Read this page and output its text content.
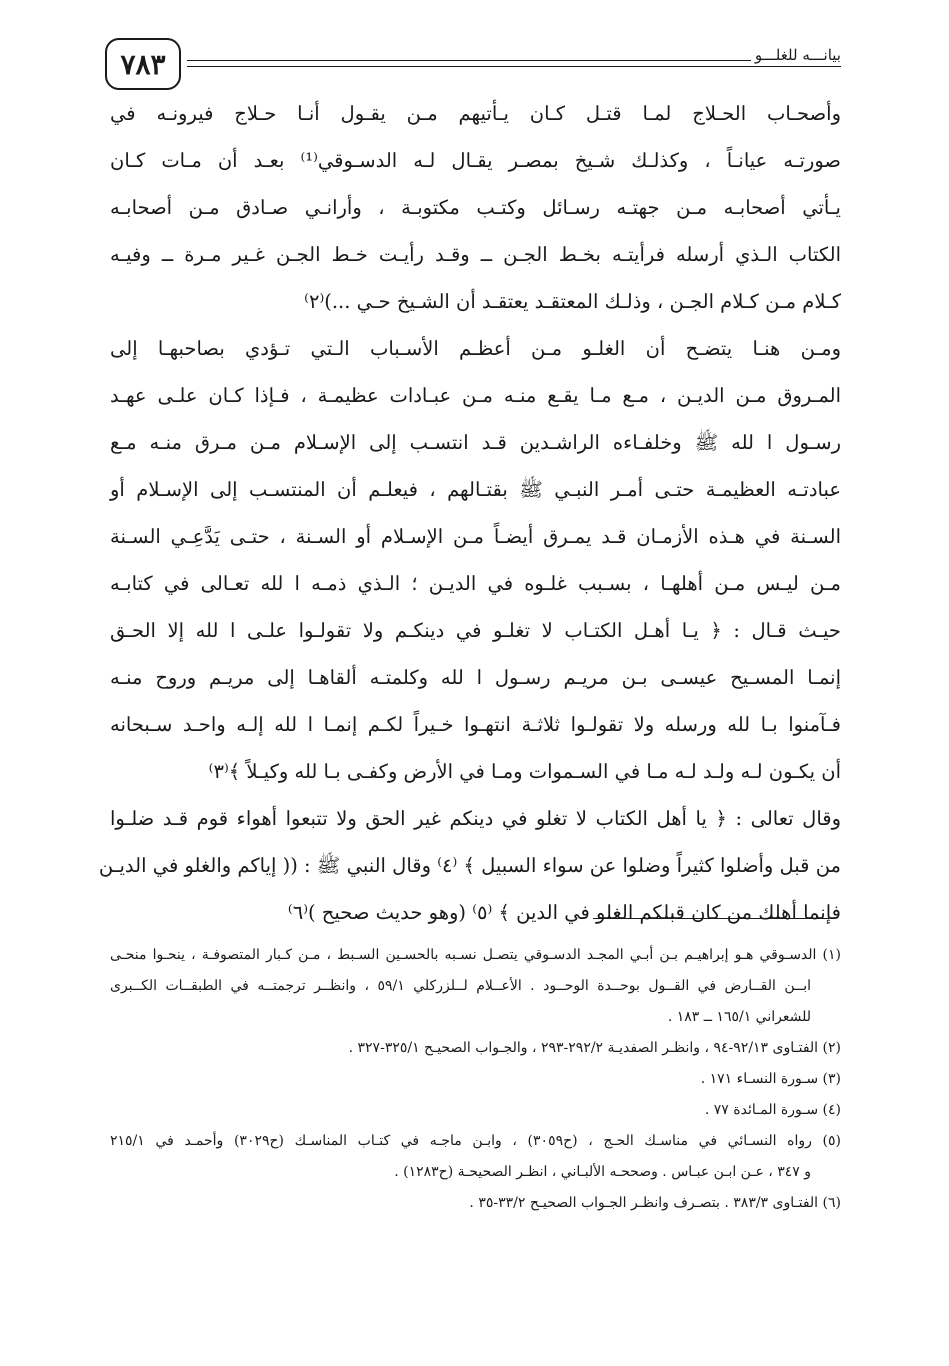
بيانـــه للغلـــو
٧٨٣
وأصحـاب الحـلاج لمـا قتـل كـان يـأتيهم مـن يقـول أنـا حـلاج فيرونـه في
صورتـه عيانـاً ، وكذلـك شـيخ بمصـر يقـال لـه الدسـوقي⁽¹⁾ بعـد أن مـات كـان
يـأتي أصحابـه مـن جهتـه رسـائل وكتـب مكتوبـة ، وأرانـي صـادق مـن أصحابـه
الكتاب الـذي أرسله فرأيتـه بخـط الجـن ــ وقـد رأيـت خـط الجـن غـير مـرة ــ وفيـه
كـلام مـن كـلام الجـن ، وذلـك المعتقـد يعتقـد أن الشـيخ حـي ...)⁽٢⁾
ومـن هنـا يتضـح أن الغلـو مـن أعظـم الأسـباب الـتي تـؤدي بصاحبهـا إلى
المـروق مـن الديـن ، مـع مـا يقـع منـه مـن عبـادات عظيمـة ، فـإذا كـان علـى عهـد
رسـول ا لله ﷺ وخلفـاءه الراشـدين قـد انتسـب إلى الإسـلام مـن مـرق منـه مـع
عبادتـه العظيمـة حتـى أمـر النبـي ﷺ بقتـالهم ، فيعلـم أن المنتسـب إلى الإسـلام أو
السـنة في هـذه الأزمـان قـد يمـرق أيضـاً مـن الإسـلام أو السـنة ، حتـى يَدَّعِـي السـنة
مـن ليـس مـن أهلهـا ، بسـبب غلـوه في الديـن ؛ الـذي ذمـه ا لله تعـالى في كتابـه
حيـث قـال : ﴿ يـا أهـل الكتـاب لا تغلـو في دينكـم ولا تقولـوا علـى ا لله إلا الحـق
إنمـا المسـيح عيسـى بـن مريـم رسـول ا لله وكلمتـه ألقاهـا إلى مريـم وروح منـه
فـآمنوا بـا لله ورسله ولا تقولـوا ثلاثـة انتهـوا خـيراً لكـم إنمـا ا لله إلـه واحـد سـبحانه
أن يكـون لـه ولـد لـه مـا في السـموات ومـا في الأرض وكفـى بـا لله وكيـلاً ﴾⁽٣⁾
وقال تعالى : ﴿ يا أهل الكتاب لا تغلو في دينكم غير الحق ولا تتبعوا أهواء قوم قـد ضلـوا
من قبل وأضلوا كثيراً وضلوا عن سواء السبيل ﴾ ⁽٤⁾ وقال النبي ﷺ : (( إياكم والغلو في الديـن
فإنما أهلك من كان قبلكم الغلو في الدين ﴾ ⁽٥⁾ (وهو حديث صحيح )⁽٦⁾
(١) الدسـوقي هـو إبراهيـم بـن أبـي المجـد الدسـوقي يتصـل نسـبه بالحسـين السـبط ، مـن كـبار المتصوفـة ، ينحـوا منحـى
ابــن القــارض في القــول بوحــدة الوحــود . الأعــلام لــلزركلي ٥٩/١ ، وانظــر ترجمتــه في الطبقــات الكــبرى
للشعراني ١٦٥/١ ــ ١٨٣ .
(٢) الفتـاوى ٩٢/١٣-٩٤ ، وانظـر الصفديـة ٢٩٢/٢-٢٩٣ ، والجـواب الصحيـح ٣٢٥/١-٣٢٧ .
(٣) سـورة النسـاء ١٧١ .
(٤) سـورة المـائدة ٧٧ .
(٥) رواه النسـائي في مناسـك الحـج ، (ح٣٠٥٩) ، وابـن ماجـه في كتـاب المناسـك (ح٣٠٢٩) وأحمـد في ٢١٥/١
و ٣٤٧ ، عـن ابـن عبـاس . وصححـه الألبـاني ، انظـر الصحيحـة (ح١٢٨٣) .
(٦) الفتـاوى ٣٨٣/٣ . بتصـرف وانظـر الجـواب الصحيـح ٣٣/٢-٣٥ .
